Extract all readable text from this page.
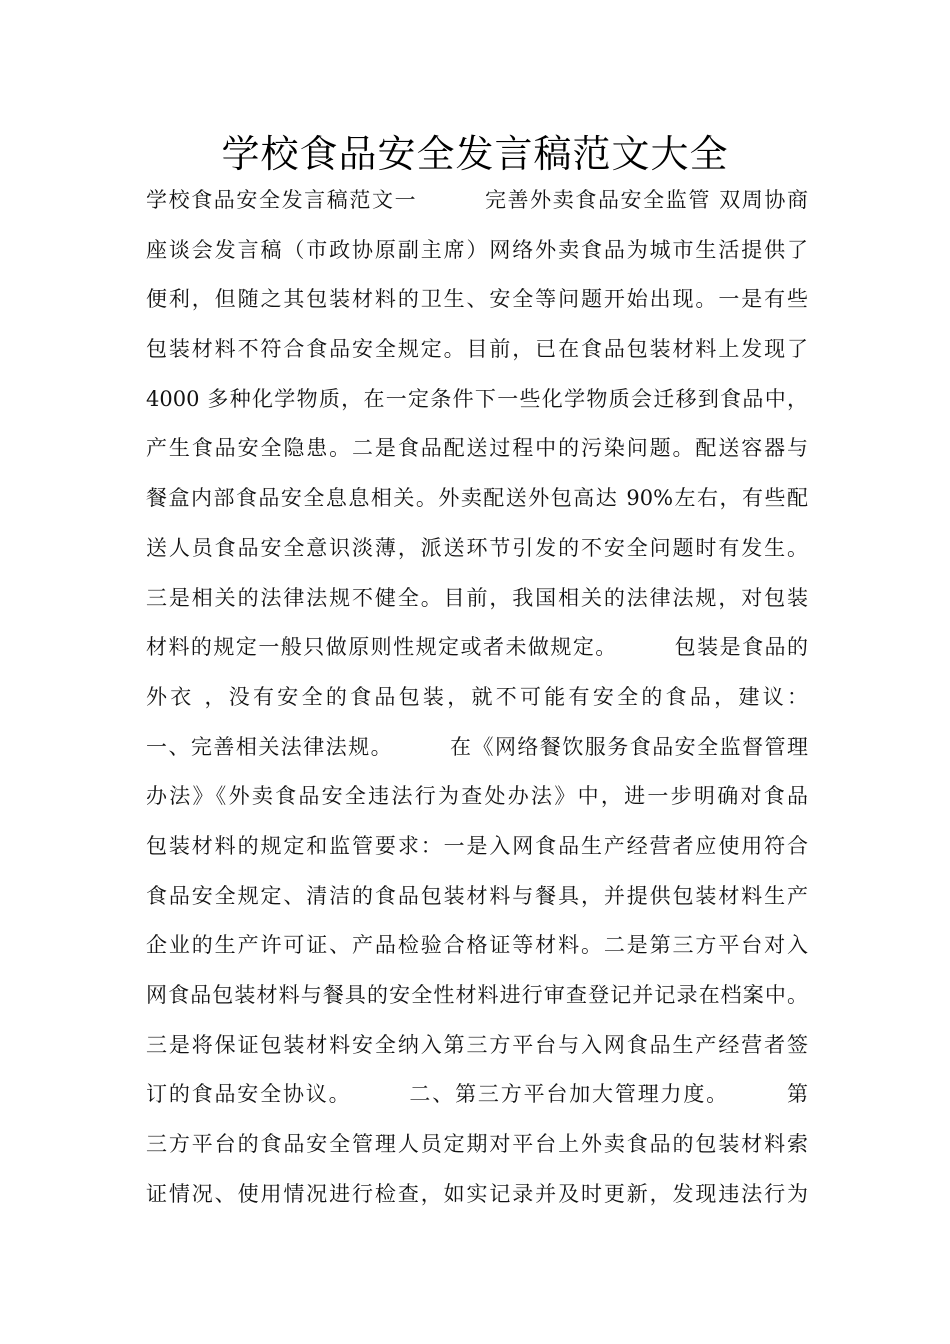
学校食品安全发言稿范文大全
学校食品安全发言稿范文一　　　完善外卖食品安全监管 双周协商
座谈会发言稿（市政协原副主席）网络外卖食品为城市生活提供了
便利，但随之其包装材料的卫生、安全等问题开始出现。一是有些
包装材料不符合食品安全规定。目前，已在食品包装材料上发现了
4000 多种化学物质，在一定条件下一些化学物质会迁移到食品中，
产生食品安全隐患。二是食品配送过程中的污染问题。配送容器与
餐盒内部食品安全息息相关。外卖配送外包高达 90%左右，有些配
送人员食品安全意识淡薄，派送环节引发的不安全问题时有发生。
三是相关的法律法规不健全。目前，我国相关的法律法规，对包装
材料的规定一般只做原则性规定或者未做规定。　　　包装是食品的
外衣 ，没有安全的食品包装，就不可能有安全的食品，建议：
一、完善相关法律法规。　　　在《网络餐饮服务食品安全监督管理
办法》《外卖食品安全违法行为查处办法》中，进一步明确对食品
包装材料的规定和监管要求：一是入网食品生产经营者应使用符合
食品安全规定、清洁的食品包装材料与餐具，并提供包装材料生产
企业的生产许可证、产品检验合格证等材料。二是第三方平台对入
网食品包装材料与餐具的安全性材料进行审查登记并记录在档案中。
三是将保证包装材料安全纳入第三方平台与入网食品生产经营者签
订的食品安全协议。　　　二、第三方平台加大管理力度。　　　第
三方平台的食品安全管理人员定期对平台上外卖食品的包装材料索
证情况、使用情况进行检查，如实记录并及时更新，发现违法行为
